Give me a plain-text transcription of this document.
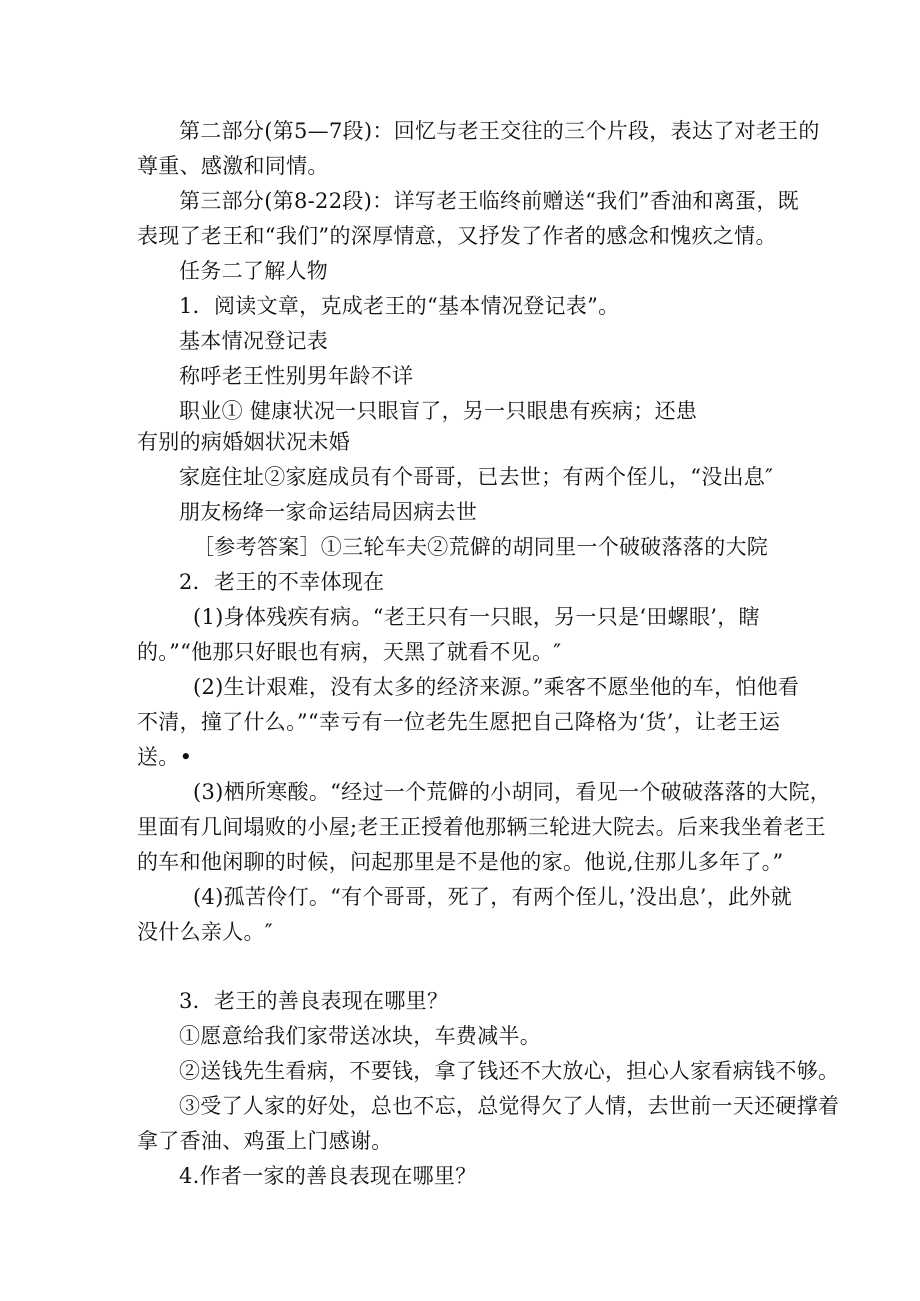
第二部分(第5—7段)：回忆与老王交往的三个片段，表达了对老王的
尊重、感激和同情。
第三部分(第8-22段)：详写老王临终前赠送“我们”香油和离蛋，既
表现了老王和“我们”的深厚情意，又抒发了作者的感念和愧疚之情。
任务二了解人物
1．阅读文章，克成老王的“基本情况登记表”。
基本情况登记表
称呼老王性别男年龄不详
职业① 健康状况一只眼盲了，另一只眼患有疾病；还患
有别的病婚姻状况未婚
家庭住址②家庭成员有个哥哥，已去世；有两个侄儿，“没出息″
朋友杨绛一家命运结局因病去世
［参考答案］①三轮车夫②荒僻的胡同里一个破破落落的大院
2．老王的不幸体现在
(1)身体残疾有病。“老王只有一只眼，另一只是‘田螺眼’，瞎
的。”“他那只好眼也有病，天黑了就看不见。″
(2)生计艰难，没有太多的经济来源。”乘客不愿坐他的车，怕他看
不清，撞了什么。”“幸亏有一位老先生愿把自己降格为‘货’，让老王运
送。•
(3)栖所寒酸。“经过一个荒僻的小胡同，看见一个破破落落的大院，
里面有几间塌败的小屋;老王正授着他那辆三轮进大院去。后来我坐着老王
的车和他闲聊的时候，问起那里是不是他的家。他说,住那儿多年了。”
(4)孤苦伶仃。“有个哥哥，死了，有两个侄儿，’没出息’，此外就
没什么亲人。″
3．老王的善良表现在哪里？
①愿意给我们家带送冰块，车费减半。
②送钱先生看病，不要钱，拿了钱还不大放心，担心人家看病钱不够。
③受了人家的好处，总也不忘，总觉得欠了人情，去世前一天还硬撑着
拿了香油、鸡蛋上门感谢。
4.作者一家的善良表现在哪里？
